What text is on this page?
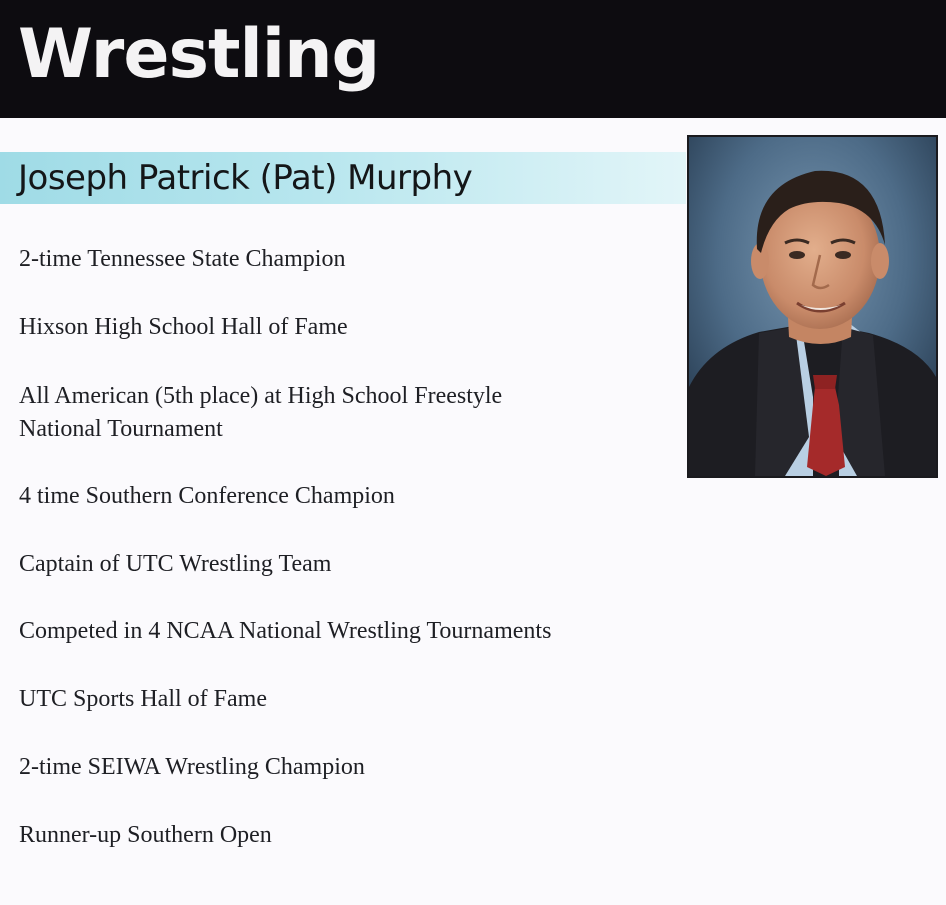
Wrestling
Joseph Patrick (Pat) Murphy

2-time Tennessee State Champion

Hixson High School Hall of Fame

All American (5th place) at High School Freestyle

National Tournament

4 time Southern Conference Champion

Captain of UTC Wrestling Team

Competed in 4 NCAA National Wrestling Tournaments

UTC Sports Hall of Fame

2-time SEIWA Wrestling Champion

Runner-up Southern Open
